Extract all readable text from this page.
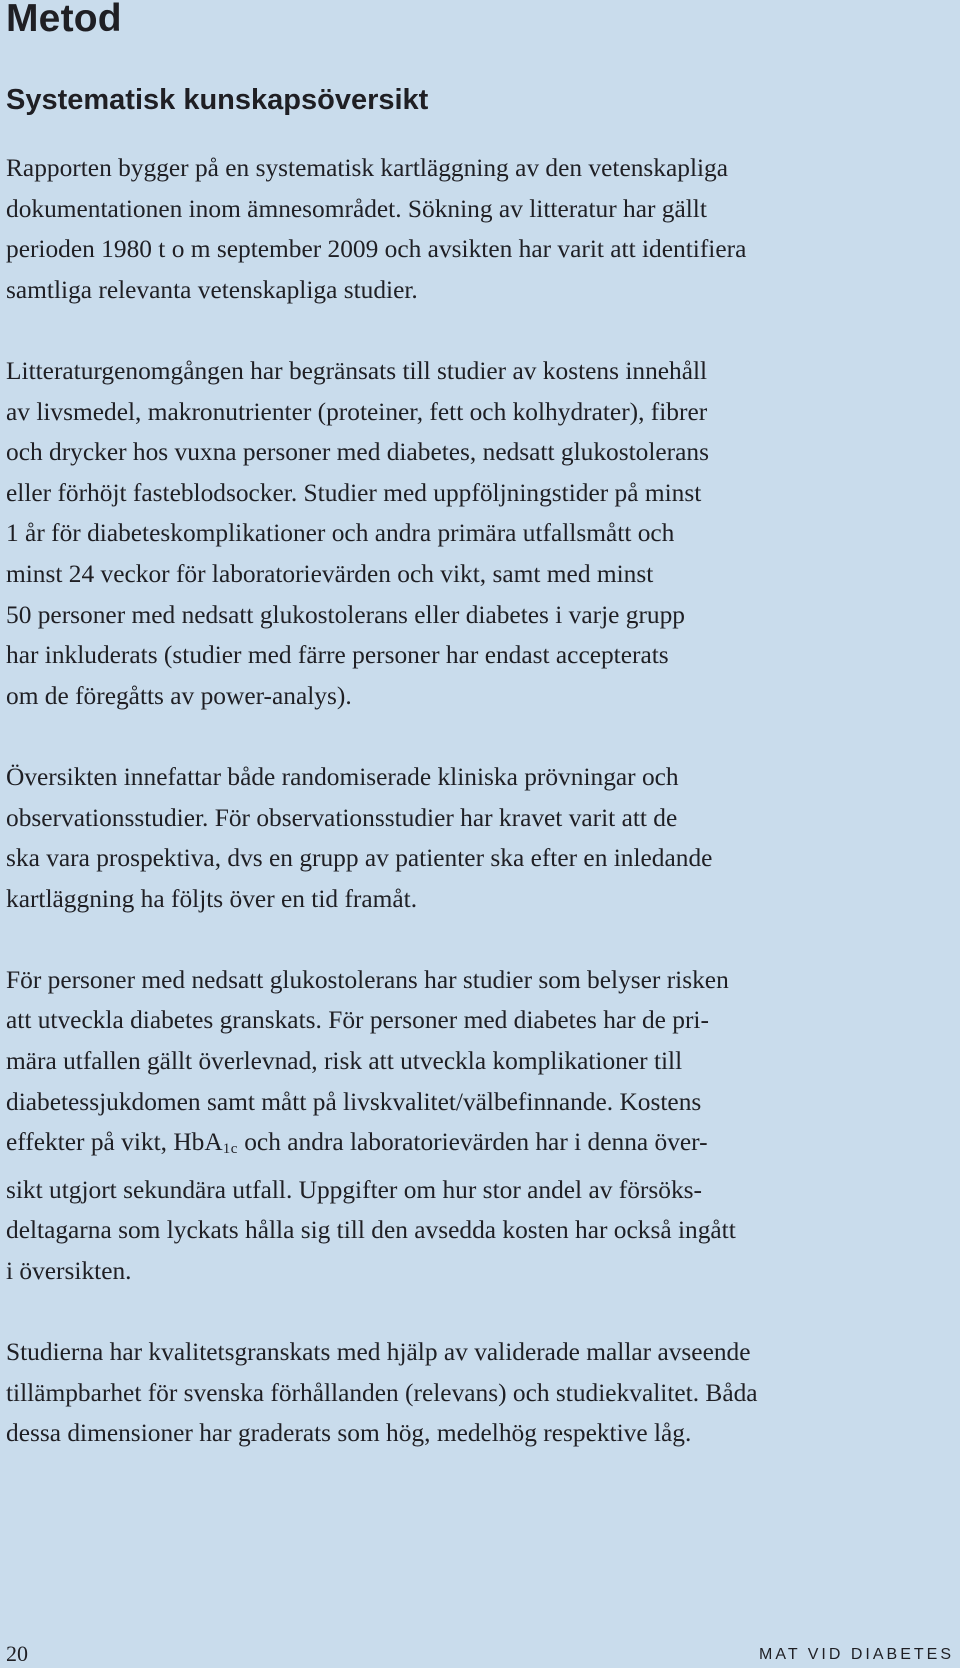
Metod
Systematisk kunskapsöversikt

Rapporten bygger på en systematisk kartläggning av den vetenskapliga
dokumentationen inom ämnesområdet. Sökning av litteratur har gällt
perioden 1980 t o m september 2009 och avsikten har varit att identifiera
samtliga relevanta vetenskapliga studier.

Litteraturgenomgången har begränsats till studier av kostens innehåll
av livsmedel, makronutrienter (proteiner, fett och kolhydrater), fibrer
och drycker hos vuxna personer med diabetes, nedsatt glukostolerans
eller förhöjt fasteblodsocker. Studier med uppföljningstider på minst
1 år för diabeteskomplikationer och andra primära utfallsmått och
minst 24 veckor för laboratorievärden och vikt, samt med minst
50 personer med nedsatt glukostolerans eller diabetes i varje grupp
har inkluderats (studier med färre personer har endast accepterats
om de föregåtts av power-analys).

Översikten innefattar både randomiserade kliniska prövningar och
observationsstudier. För observationsstudier har kravet varit att de
ska vara prospektiva, dvs en grupp av patienter ska efter en inledande
kartläggning ha följts över en tid framåt.

För personer med nedsatt glukostolerans har studier som belyser risken
att utveckla diabetes granskats. För personer med diabetes har de pri-
mära utfallen gällt överlevnad, risk att utveckla komplikationer till
diabetessjukdomen samt mått på livskvalitet/välbefinnande. Kostens
effekter på vikt, HbA$_{1c}$ och andra laboratorievärden har i denna över-
sikt utgjort sekundära utfall. Uppgifter om hur stor andel av försöks-
deltagarna som lyckats hålla sig till den avsedda kosten har också ingått
i översikten.

Studierna har kvalitetsgranskats med hjälp av validerade mallar avseende
tillämpbarhet för svenska förhållanden (relevans) och studiekvalitet. Båda
dessa dimensioner har graderats som hög, medelhög respektive låg.

20	MAT VID DIABETES
